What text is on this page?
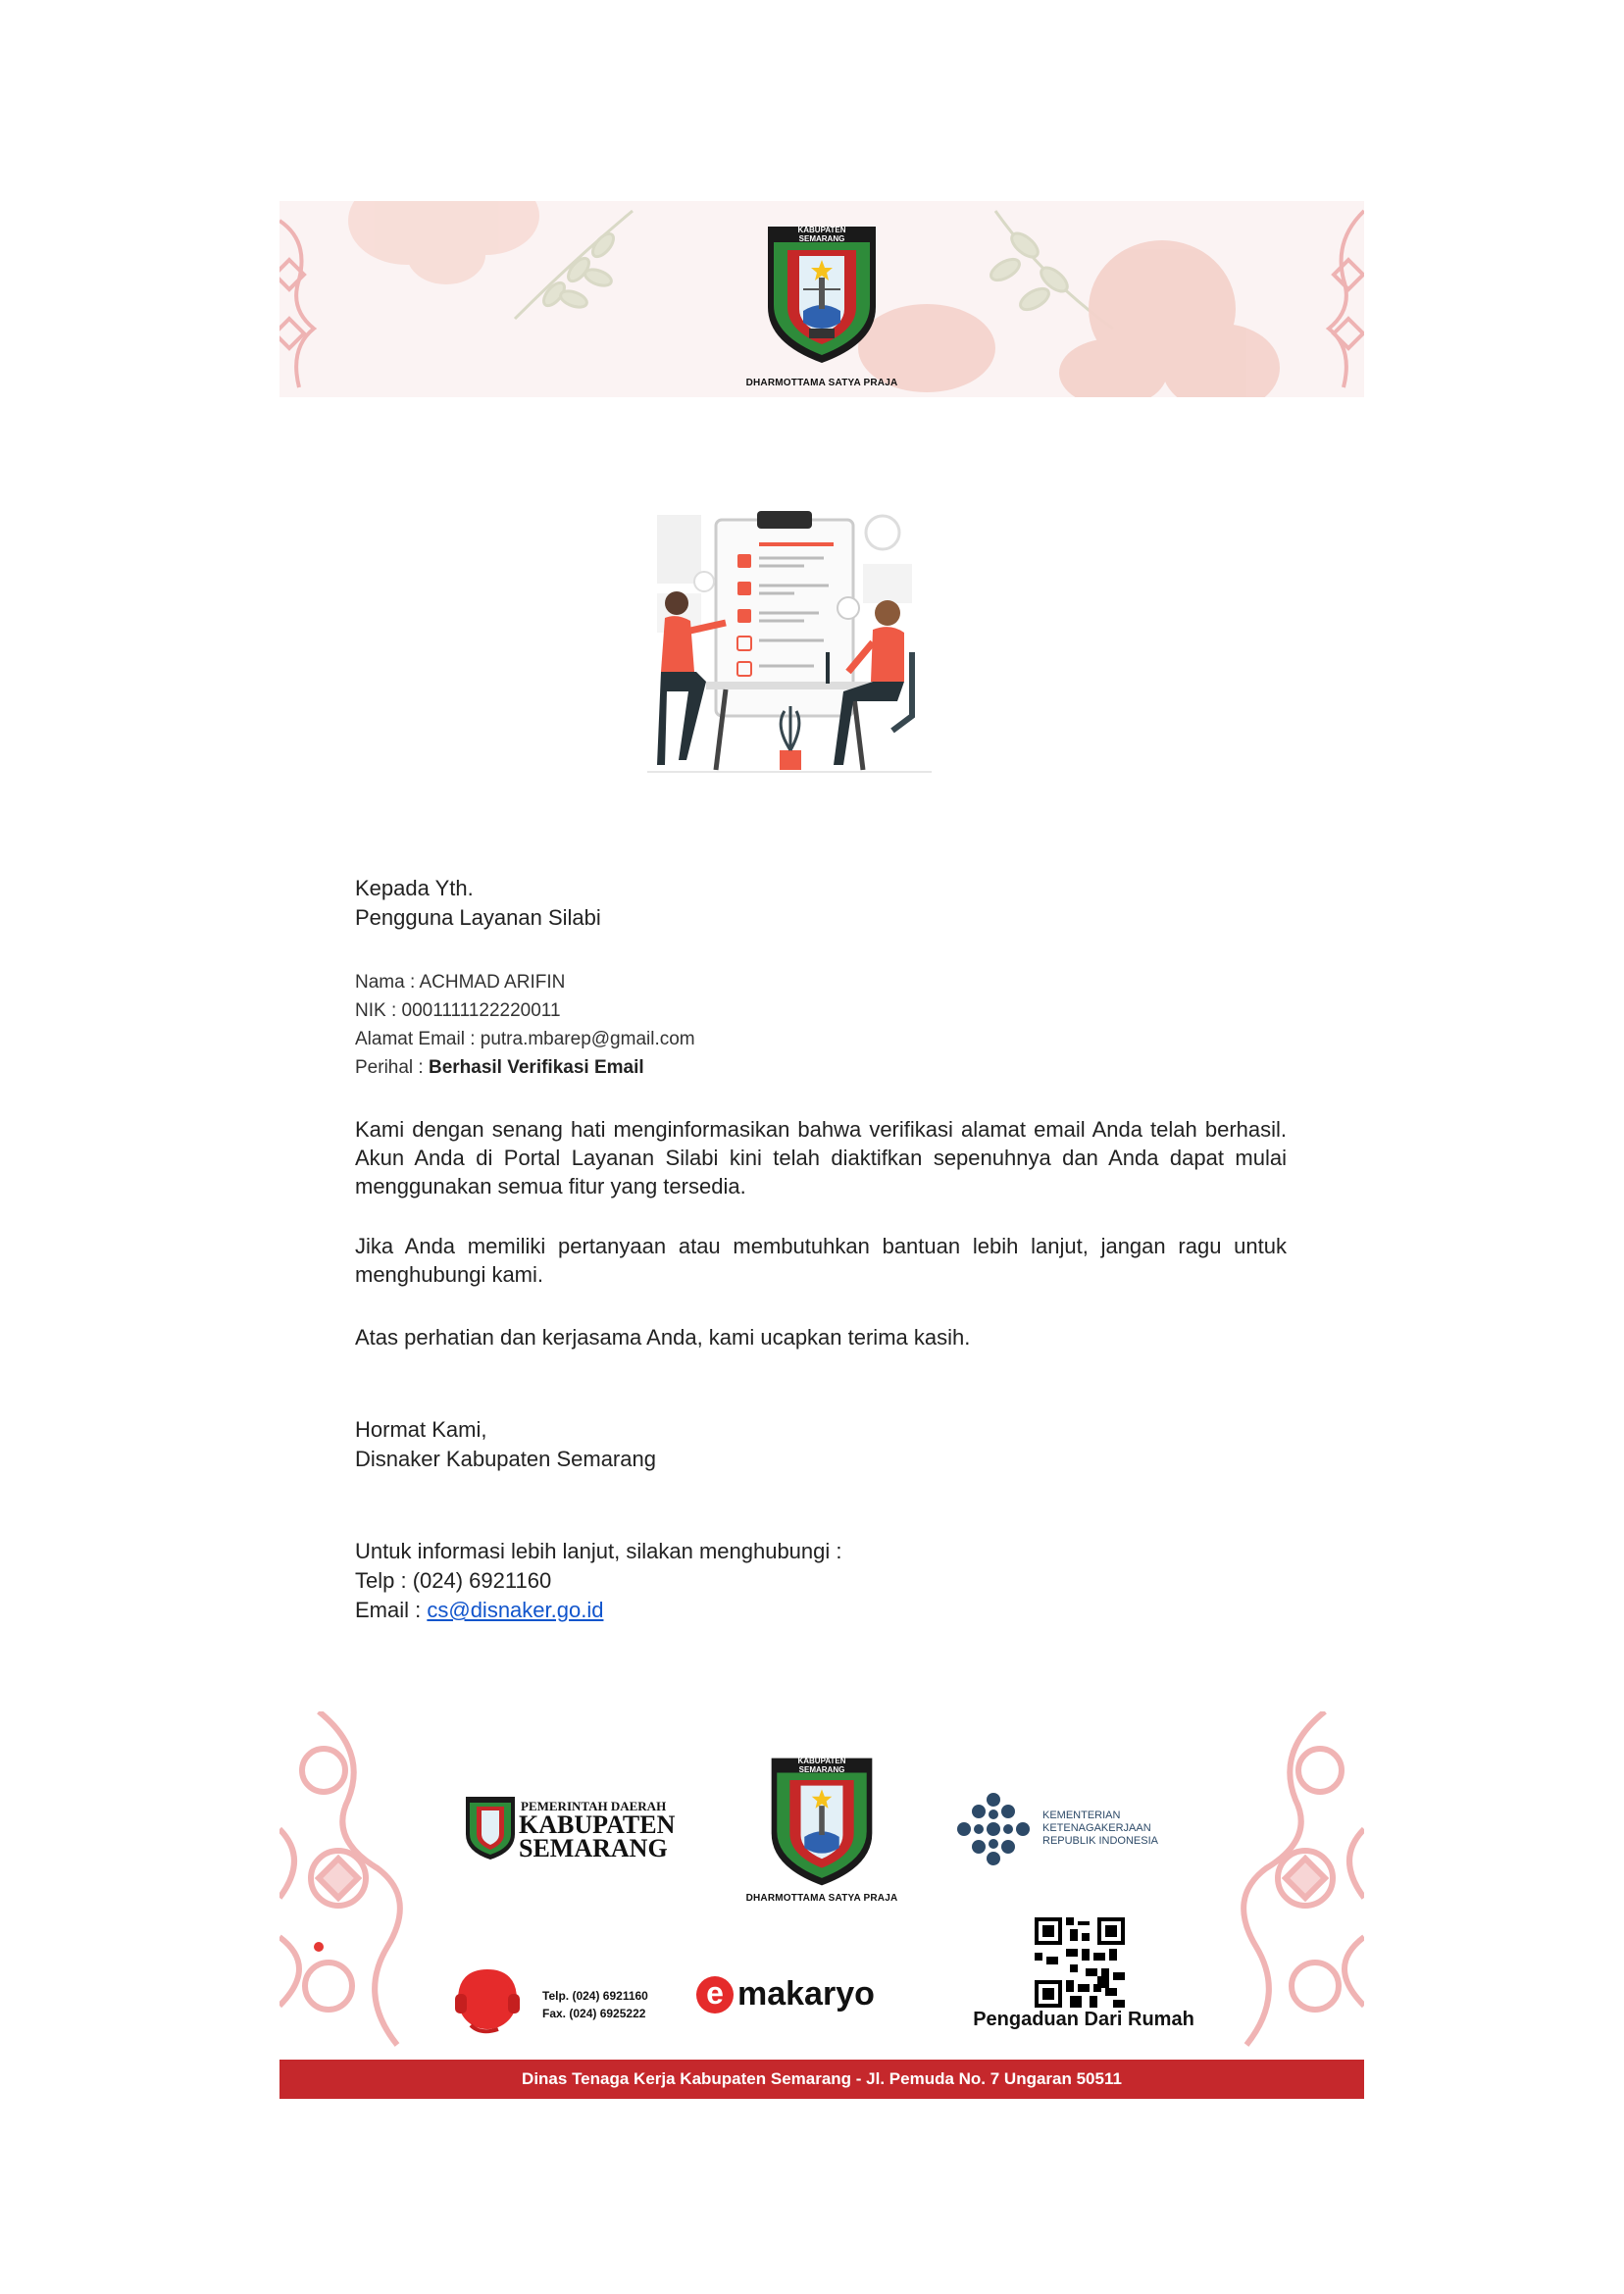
KABUPATEN SEMARANG
DHARMOTTAMA SATYA PRAJA
Kepada Yth.
Pengguna Layanan Silabi
Nama : ACHMAD ARIFIN
NIK : 0001111122220011
Alamat Email : putra.mbarep@gmail.com
Perihal : Berhasil Verifikasi Email
Kami dengan senang hati menginformasikan bahwa verifikasi alamat email Anda telah berhasil. Akun Anda di Portal Layanan Silabi kini telah diaktifkan sepenuhnya dan Anda dapat mulai menggunakan semua fitur yang tersedia.
Jika Anda memiliki pertanyaan atau membutuhkan bantuan lebih lanjut, jangan ragu untuk menghubungi kami.
Atas perhatian dan kerjasama Anda, kami ucapkan terima kasih.
Hormat Kami,
Disnaker Kabupaten Semarang
Untuk informasi lebih lanjut, silakan menghubungi :
Telp : (024) 6921160
Email : cs@disnaker.go.id
PEMERINTAH DAERAH
KABUPATEN
SEMARANG
KABUPATEN SEMARANG
DHARMOTTAMA SATYA PRAJA
KEMENTERIAN
KETENAGAKERJAAN
REPUBLIK INDONESIA
Telp. (024) 6921160
Fax. (024) 6925222
e makaryo
Pengaduan Dari Rumah
Dinas Tenaga Kerja Kabupaten Semarang - Jl. Pemuda No. 7 Ungaran 50511
